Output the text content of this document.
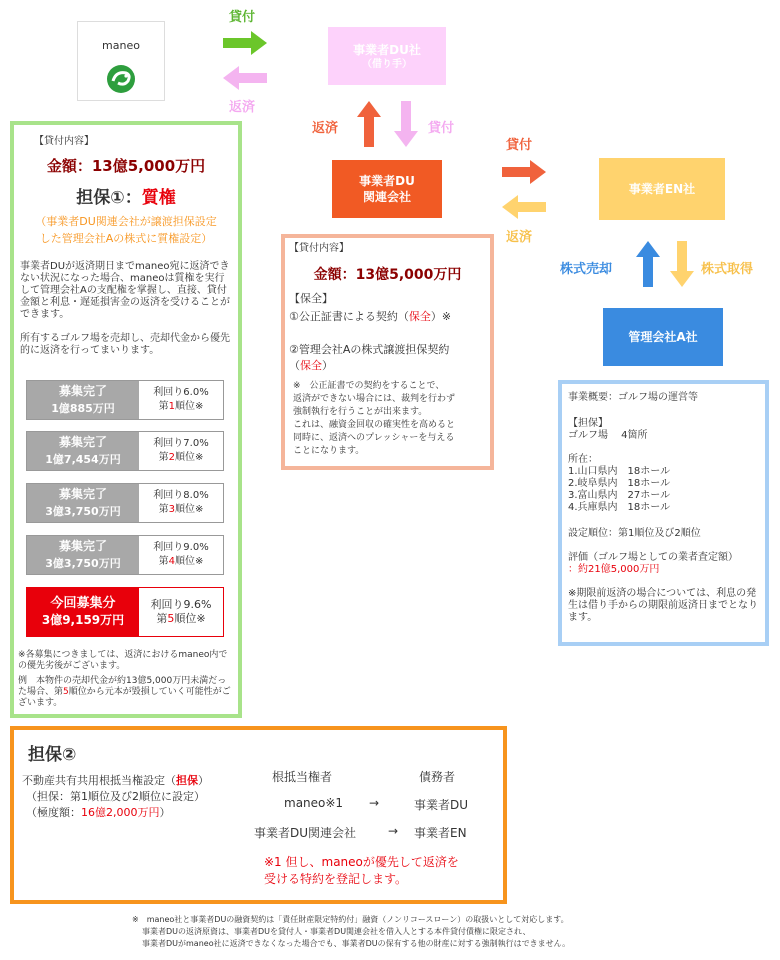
maneo
貸付
返済
事業者DU社
（借り手）
返済	貸付
事業者DU
関連会社
貸付
返済
事業者EN社
株式売却	株式取得
管理会社A社
【貸付内容】
金額：13億5,000万円
担保①：質権
（事業者DU関連会社が譲渡担保設定
した管理会社Aの株式に質権設定）
事業者DUが返済期日までmaneo宛に返済できない状況になった場合、maneoは質権を実行して管理会社Aの支配権を掌握し、直接、貸付金額と利息・遅延損害金の返済を受けることができます。
所有するゴルフ場を売却し、売却代金から優先的に返済を行ってまいります。
募集完了
1億885万円
利回り6.0%
第1順位※
募集完了
1億7,454万円
利回り7.0%
第2順位※
募集完了
3億3,750万円
利回り8.0%
第3順位※
募集完了
3億3,750万円
利回り9.0%
第4順位※
今回募集分
3億9,159万円
利回り9.6%
第5順位※
※各募集につきましては、返済におけるmaneo内での優先劣後がございます。
例　本物件の売却代金が約13億5,000万円未満だった場合、第5順位から元本が毀損していく可能性がございます。
【貸付内容】
金額：13億5,000万円
【保全】
①公正証書による契約（保全）※
②管理会社Aの株式譲渡担保契約
（保全）
※　公正証書での契約をすることで、
返済ができない場合には、裁判を行わず
強制執行を行うことが出来ます。
これは、融資金回収の確実性を高めると
同時に、返済へのプレッシャーを与える
ことになります。
事業概要：ゴルフ場の運営等
【担保】
ゴルフ場　 4箇所
所在：
1.山口県内　18ホール
2.岐阜県内　18ホール
3.富山県内　27ホール
4.兵庫県内　18ホール
設定順位：第1順位及び2順位
評価（ゴルフ場としての業者査定額）
：約21億5,000万円
※期限前返済の場合については、利息の発生は借り手からの期限前返済日までとなります。
担保②
不動産共有共用根抵当権設定（担保）
（担保：第1順位及び2順位に設定）
（極度額：16億2,000万円）
根抵当権者	債務者
maneo※1 →	事業者DU
事業者DU関連会社	→ 事業者EN
※1 但し、maneoが優先して返済を
受ける特約を登記します。
※　maneo社と事業者DUの融資契約は「責任財産限定特約付」融資（ノンリコースローン）の取扱いとして対応します。
事業者DUの返済原資は、事業者DUを貸付人・事業者DU関連会社を借入人とする本件貸付債権に限定され、
事業者DUがmaneo社に返済できなくなった場合でも、事業者DUの保有する他の財産に対する強制執行はできません。
